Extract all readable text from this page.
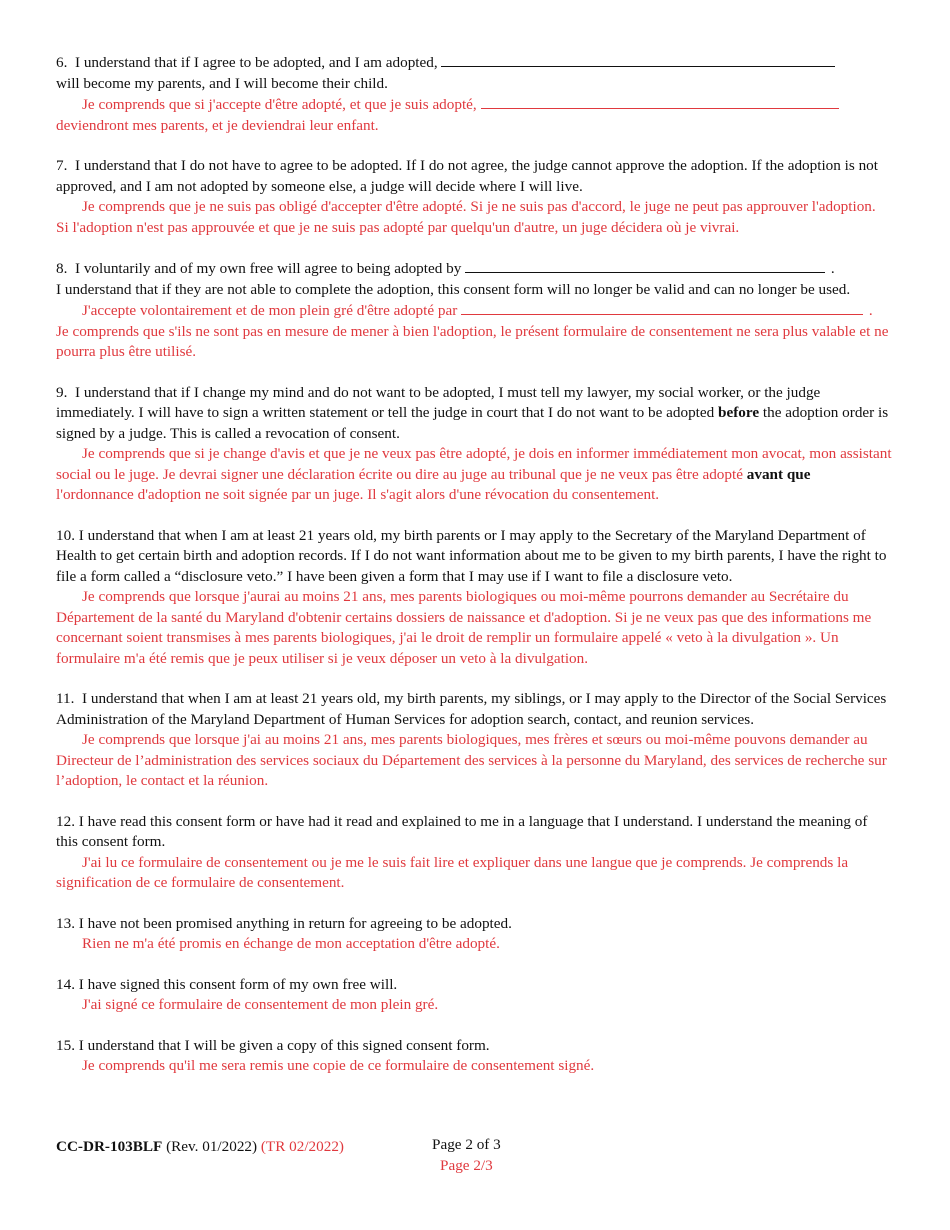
6.  I understand that if I agree to be adopted, and I am adopted,
will become my parents, and I will become their child.
Je comprends que si j'accepte d'être adopté, et que je suis adopté,
deviendront mes parents, et je deviendrai leur enfant.
7.  I understand that I do not have to agree to be adopted. If I do not agree, the judge cannot approve the adoption. If the adoption is not approved, and I am not adopted by someone else, a judge will decide where I will live.
Je comprends que je ne suis pas obligé d'accepter d'être adopté. Si je ne suis pas d'accord, le juge ne peut pas approuver l'adoption. Si l'adoption n'est pas approuvée et que je ne suis pas adopté par quelqu'un d'autre, un juge décidera où je vivrai.
8.  I voluntarily and of my own free will agree to being adopted by	.
I understand that if they are not able to complete the adoption, this consent form will no longer be valid and can no longer be used.
J'accepte volontairement et de mon plein gré d'être adopté par	.
Je comprends que s'ils ne sont pas en mesure de mener à bien l'adoption, le présent formulaire de consentement ne sera plus valable et ne pourra plus être utilisé.
9.  I understand that if I change my mind and do not want to be adopted, I must tell my lawyer, my social worker, or the judge immediately. I will have to sign a written statement or tell the judge in court that I do not want to be adopted before the adoption order is signed by a judge. This is called a revocation of consent.
Je comprends que si je change d'avis et que je ne veux pas être adopté, je dois en informer immédiatement mon avocat, mon assistant social ou le juge. Je devrai signer une déclaration écrite ou dire au juge au tribunal que je ne veux pas être adopté avant que l'ordonnance d'adoption ne soit signée par un juge. Il s'agit alors d'une révocation du consentement.
10. I understand that when I am at least 21 years old, my birth parents or I may apply to the Secretary of the Maryland Department of Health to get certain birth and adoption records. If I do not want information about me to be given to my birth parents, I have the right to file a form called a “disclosure veto.” I have been given a form that I may use if I want to file a disclosure veto.
Je comprends que lorsque j'aurai au moins 21 ans, mes parents biologiques ou moi-même pourrons demander au Secrétaire du Département de la santé du Maryland d'obtenir certains dossiers de naissance et d'adoption. Si je ne veux pas que des informations me concernant soient transmises à mes parents biologiques, j'ai le droit de remplir un formulaire appelé « veto à la divulgation ». Un formulaire m'a été remis que je peux utiliser si je veux déposer un veto à la divulgation.
11.  I understand that when I am at least 21 years old, my birth parents, my siblings, or I may apply to the Director of the Social Services Administration of the Maryland Department of Human Services for adoption search, contact, and reunion services.
Je comprends que lorsque j'ai au moins 21 ans, mes parents biologiques, mes frères et sœurs ou moi-même pouvons demander au Directeur de l’administration des services sociaux du Département des services à la personne du Maryland, des services de recherche sur l’adoption, le contact et la réunion.
12. I have read this consent form or have had it read and explained to me in a language that I understand. I understand the meaning of this consent form.
J'ai lu ce formulaire de consentement ou je me le suis fait lire et expliquer dans une langue que je comprends. Je comprends la signification de ce formulaire de consentement.
13. I have not been promised anything in return for agreeing to be adopted.
Rien ne m'a été promis en échange de mon acceptation d'être adopté.
14. I have signed this consent form of my own free will.
J'ai signé ce formulaire de consentement de mon plein gré.
15. I understand that I will be given a copy of this signed consent form.
Je comprends qu'il me sera remis une copie de ce formulaire de consentement signé.
CC-DR-103BLF (Rev. 01/2022) (TR 02/2022)	Page 2 of 3
Page 2/3
